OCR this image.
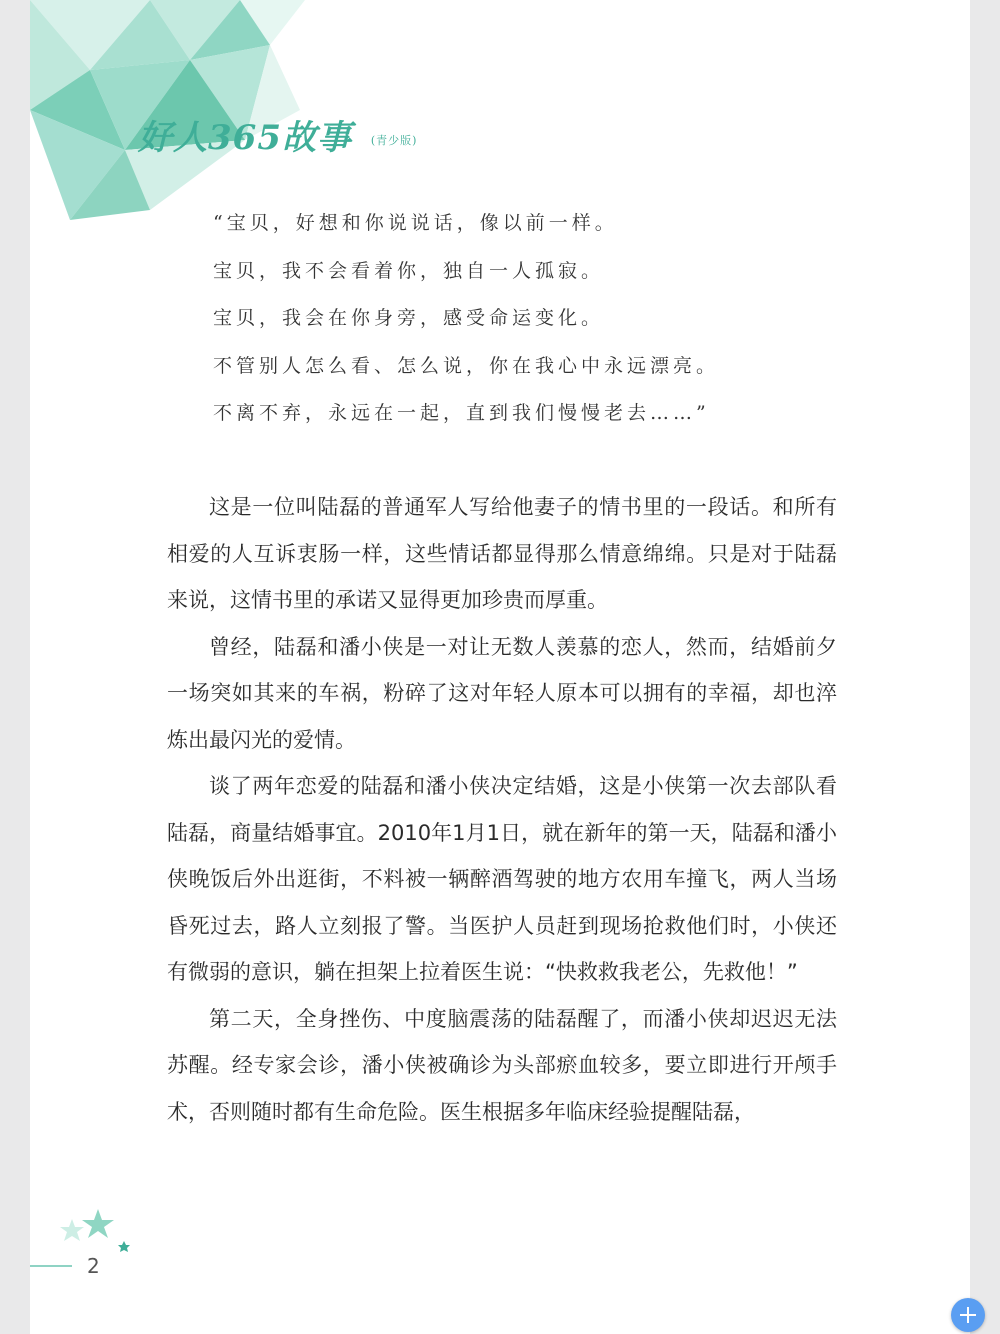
好人365故事 (青少版)
“宝贝，好想和你说说话，像以前一样。
宝贝，我不会看着你，独自一人孤寂。
宝贝，我会在你身旁，感受命运变化。
不管别人怎么看、怎么说，你在我心中永远漂亮。
不离不弃，永远在一起，直到我们慢慢老去……”

这是一位叫陆磊的普通军人写给他妻子的情书里的一段话。和所有相爱的人互诉衷肠一样，这些情话都显得那么情意绵绵。只是对于陆磊来说，这情书里的承诺又显得更加珍贵而厚重。

曾经，陆磊和潘小侠是一对让无数人羡慕的恋人，然而，结婚前夕一场突如其来的车祸，粉碎了这对年轻人原本可以拥有的幸福，却也淬炼出最闪光的爱情。

谈了两年恋爱的陆磊和潘小侠决定结婚，这是小侠第一次去部队看陆磊，商量结婚事宜。2010年1月1日，就在新年的第一天，陆磊和潘小侠晚饭后外出逛街，不料被一辆醉酒驾驶的地方农用车撞飞，两人当场昏死过去，路人立刻报了警。当医护人员赶到现场抢救他们时，小侠还有微弱的意识，躺在担架上拉着医生说：“快救救我老公，先救他！”

第二天，全身挫伤、中度脑震荡的陆磊醒了，而潘小侠却迟迟无法苏醒。经专家会诊，潘小侠被确诊为头部瘀血较多，要立即进行开颅手术，否则随时都有生命危险。医生根据多年临床经验提醒陆磊，

2
